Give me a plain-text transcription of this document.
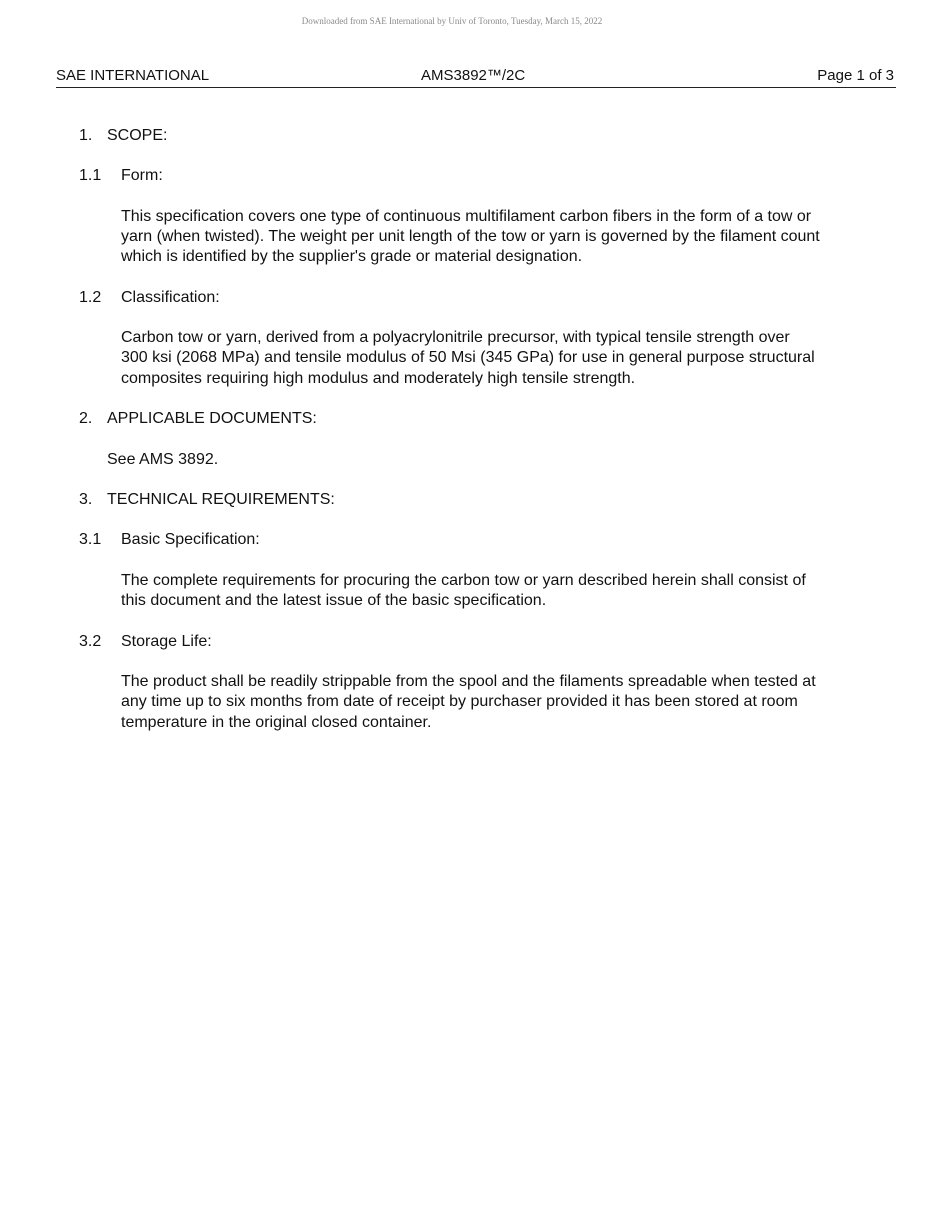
Downloaded from SAE International by Univ of Toronto, Tuesday, March 15, 2022
SAE INTERNATIONAL	AMS3892™/2C	Page 1 of 3
1. SCOPE:
1.1 Form:
This specification covers one type of continuous multifilament carbon fibers in the form of a tow or
yarn (when twisted). The weight per unit length of the tow or yarn is governed by the filament count
which is identified by the supplier's grade or material designation.
1.2 Classification:
Carbon tow or yarn, derived from a polyacrylonitrile precursor, with typical tensile strength over
300 ksi (2068 MPa) and tensile modulus of 50 Msi (345 GPa) for use in general purpose structural
composites requiring high modulus and moderately high tensile strength.
2. APPLICABLE DOCUMENTS:
See AMS 3892.
3. TECHNICAL REQUIREMENTS:
3.1 Basic Specification:
The complete requirements for procuring the carbon tow or yarn described herein shall consist of
this document and the latest issue of the basic specification.
3.2 Storage Life:
The product shall be readily strippable from the spool and the filaments spreadable when tested at
any time up to six months from date of receipt by purchaser provided it has been stored at room
temperature in the original closed container.
